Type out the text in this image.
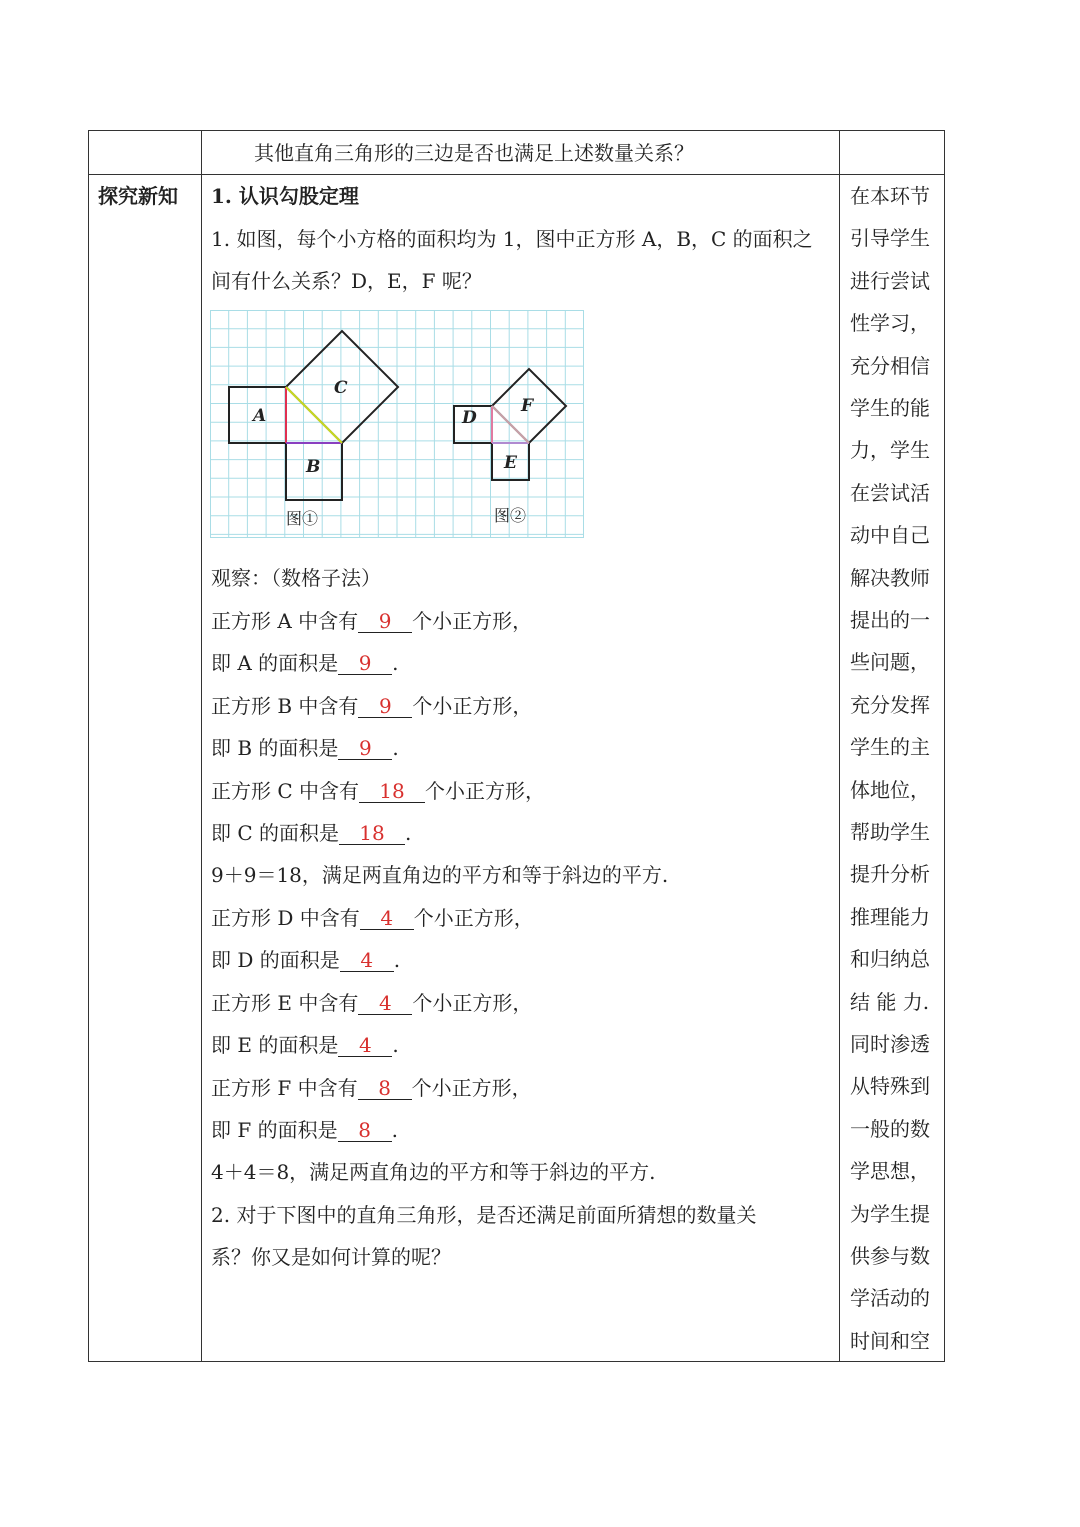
其他直角三角形的三边是否也满足上述数量关系？
探究新知 1. 认识勾股定理
1. 如图，每个小方格的面积均为 1，图中正方形 A，B，C 的面积之
间有什么关系？D，E，F 呢？
A
B
C
D
E
F
图①	图②
观察：（数格子法）
正方形 A 中含有 9 个小正方形，
即 A 的面积是 9 .
正方形 B 中含有 9 个小正方形，
即 B 的面积是 9 .
正方形 C 中含有 18 个小正方形，
即 C 的面积是 18 .
正方形 D 中含有 4 个小正方形，
即 D 的面积是 4 .
正方形 E 中含有 4 个小正方形，
即 E 的面积是 4 .
正方形 F 中含有 8 个小正方形，
即 F 的面积是 8 .
9＋9＝18，满足两直角边的平方和等于斜边的平方.
4＋4＝8，满足两直角边的平方和等于斜边的平方.
2. 对于下图中的直角三角形，是否还满足前面所猜想的数量关
系？你又是如何计算的呢？
在本环节
引导学生
进行尝试
性学习，
充分相信
学生的能
力，学生
在尝试活
动中自己
解决教师
提出的一
些问题，
充分发挥
学生的主
体地位，
帮助学生
提升分析
推理能力
和归纳总
结 能 力.
同时渗透
从特殊到
一般的数
学思想，
为学生提
供参与数
学活动的
时间和空
